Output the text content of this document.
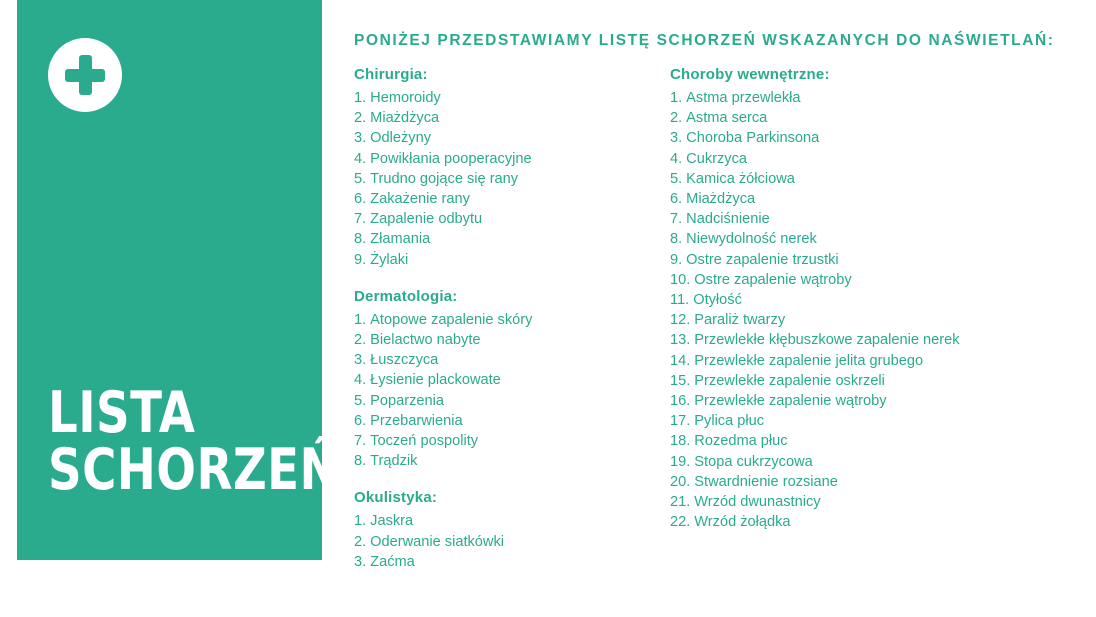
LISTA
SCHORZEŃ
PONIŻEJ PRZEDSTAWIAMY LISTĘ SCHORZEŃ WSKAZANYCH DO NAŚWIETLAŃ:
Chirurgia:
1. Hemoroidy
2. Miażdżyca
3. Odleżyny
4. Powikłania pooperacyjne
5. Trudno gojące się rany
6. Zakażenie rany
7. Zapalenie odbytu
8. Złamania
9. Żylaki
Dermatologia:
1. Atopowe zapalenie skóry
2. Bielactwo nabyte
3. Łuszczyca
4. Łysienie plackowate
5. Poparzenia
6. Przebarwienia
7. Toczeń pospolity
8. Trądzik
Okulistyka:
1. Jaskra
2. Oderwanie siatkówki
3. Zaćma
Choroby wewnętrzne:
1. Astma przewlekła
2. Astma serca
3. Choroba Parkinsona
4. Cukrzyca
5. Kamica żółciowa
6. Miażdżyca
7. Nadciśnienie
8. Niewydolność nerek
9. Ostre zapalenie trzustki
10. Ostre zapalenie wątroby
11. Otyłość
12. Paraliż twarzy
13. Przewlekłe kłębuszkowe zapalenie nerek
14. Przewlekłe zapalenie jelita grubego
15. Przewlekłe zapalenie oskrzeli
16. Przewlekłe zapalenie wątroby
17. Pylica płuc
18. Rozedma płuc
19. Stopa cukrzycowa
20. Stwardnienie rozsiane
21. Wrzód dwunastnicy
22. Wrzód żołądka
